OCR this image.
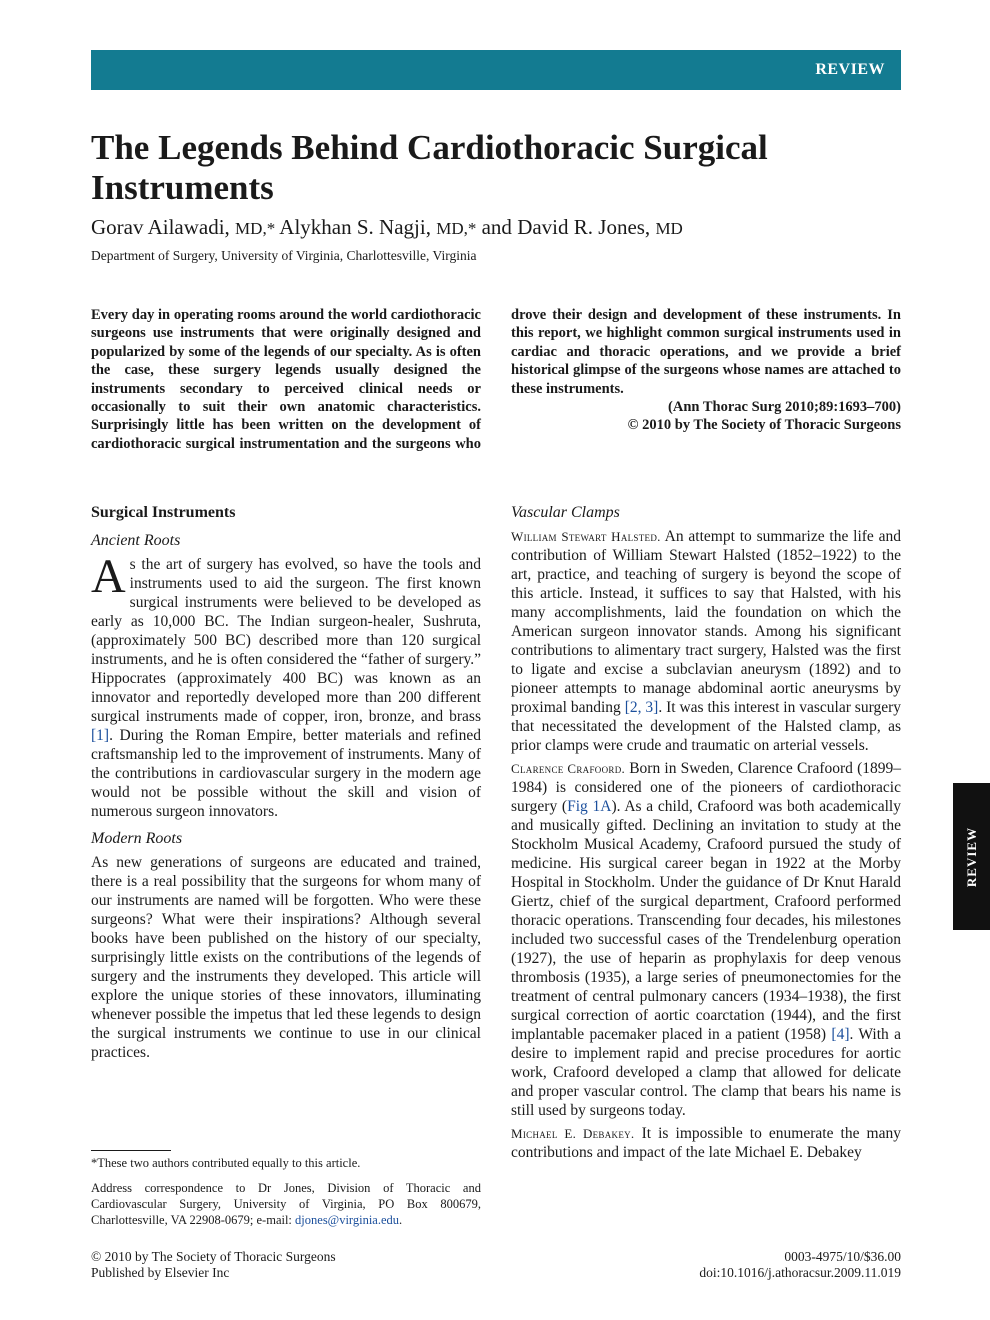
REVIEW
The Legends Behind Cardiothoracic Surgical Instruments
Gorav Ailawadi, MD,* Alykhan S. Nagji, MD,* and David R. Jones, MD
Department of Surgery, University of Virginia, Charlottesville, Virginia

Every day in operating rooms around the world cardiothoracic surgeons use instruments that were originally designed and popularized by some of the legends of our specialty. As is often the case, these surgery legends usually designed the instruments secondary to perceived clinical needs or occasionally to suit their own anatomic characteristics. Surprisingly little has been written on the development of cardiothoracic surgical instrumentation and the surgeons who drove their design and development of these instruments. In this report, we highlight common surgical instruments used in cardiac and thoracic operations, and we provide a brief historical glimpse of the surgeons whose names are attached to these instruments.

(Ann Thorac Surg 2010;89:1693–700)

© 2010 by The Society of Thoracic Surgeons

Surgical Instruments
Ancient Roots

As the art of surgery has evolved, so have the tools and instruments used to aid the surgeon. The first known surgical instruments were believed to be developed as early as 10,000 BC. The Indian surgeon-healer, Sushruta, (approximately 500 BC) described more than 120 surgical instruments, and he is often considered the “father of surgery.” Hippocrates (approximately 400 BC) was known as an innovator and reportedly developed more than 200 different surgical instruments made of copper, iron, bronze, and brass [1]. During the Roman Empire, better materials and refined craftsmanship led to the improvement of instruments. Many of the contributions in cardiovascular surgery in the modern age would not be possible without the skill and vision of numerous surgeon innovators.

Modern Roots

As new generations of surgeons are educated and trained, there is a real possibility that the surgeons for whom many of our instruments are named will be forgotten. Who were these surgeons? What were their inspirations? Although several books have been published on the history of our specialty, surprisingly little exists on the contributions of the legends of surgery and the instruments they developed. This article will explore the unique stories of these innovators, illuminating whenever possible the impetus that led these legends to design the surgical instruments we continue to use in our clinical practices.

Vascular Clamps

William Stewart Halsted. An attempt to summarize the life and contribution of William Stewart Halsted (1852–1922) to the art, practice, and teaching of surgery is beyond the scope of this article. Instead, it suffices to say that Halsted, with his many accomplishments, laid the foundation on which the American surgeon innovator stands. Among his significant contributions to alimentary tract surgery, Halsted was the first to ligate and excise a subclavian aneurysm (1892) and to pioneer attempts to manage abdominal aortic aneurysms by proximal banding [2, 3]. It was this interest in vascular surgery that necessitated the development of the Halsted clamp, as prior clamps were crude and traumatic on arterial vessels.

Clarence Crafoord. Born in Sweden, Clarence Crafoord (1899–1984) is considered one of the pioneers of cardiothoracic surgery (Fig 1A). As a child, Crafoord was both academically and musically gifted. Declining an invitation to study at the Stockholm Musical Academy, Crafoord pursued the study of medicine. His surgical career began in 1922 at the Morby Hospital in Stockholm. Under the guidance of Dr Knut Harald Giertz, chief of the surgical department, Crafoord performed thoracic operations. Transcending four decades, his milestones included two successful cases of the Trendelenburg operation (1927), the use of heparin as prophylaxis for deep venous thrombosis (1935), a large series of pneumonectomies for the treatment of central pulmonary cancers (1934–1938), the first surgical correction of aortic coarctation (1944), and the first implantable pacemaker placed in a patient (1958) [4]. With a desire to implement rapid and precise procedures for aortic work, Crafoord developed a clamp that allowed for delicate and proper vascular control. The clamp that bears his name is still used by surgeons today.

Michael E. Debakey. It is impossible to enumerate the many contributions and impact of the late Michael E. Debakey

*These two authors contributed equally to this article.
Address correspondence to Dr Jones, Division of Thoracic and Cardiovascular Surgery, University of Virginia, PO Box 800679, Charlottesville, VA 22908-0679; e-mail: djones@virginia.edu.
© 2010 by The Society of Thoracic Surgeons
Published by Elsevier Inc
0003-4975/10/$36.00
doi:10.1016/j.athoracsur.2009.11.019
REVIEW
